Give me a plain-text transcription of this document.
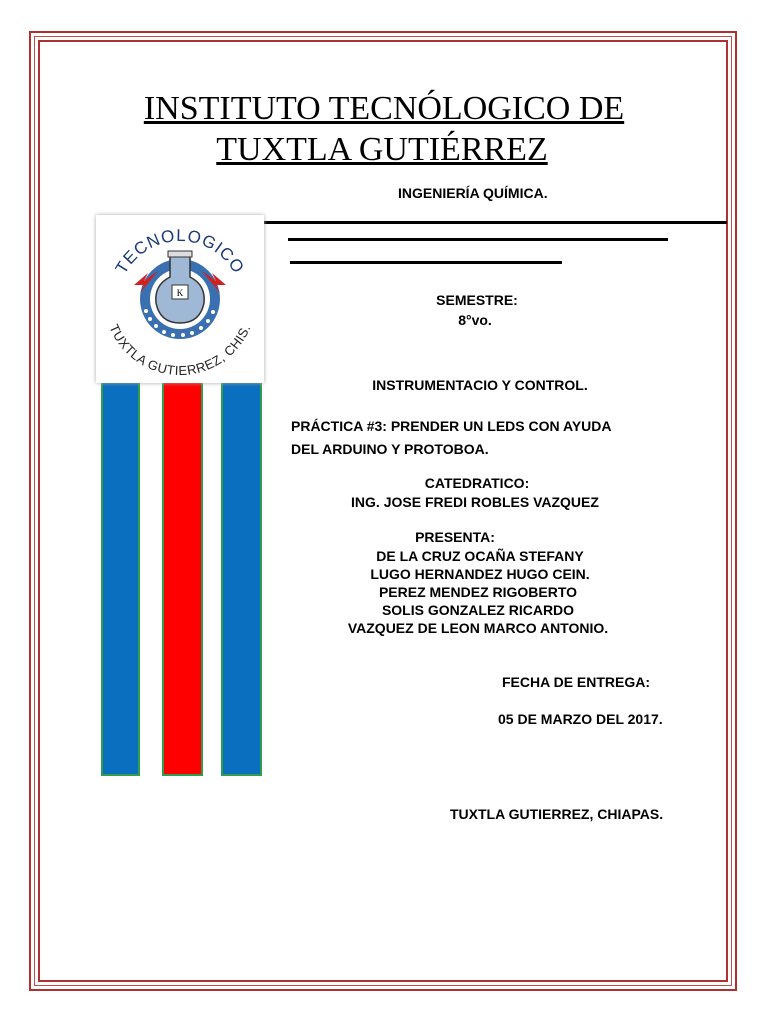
INSTITUTO TECNÓLOGICO DE
TUXTLA GUTIÉRREZ
INGENIERÍA QUÍMICA.
K
TECNOLOGICO
TUXTLA GUTIERREZ, CHIS.
SEMESTRE:
8°vo.
INSTRUMENTACIO Y CONTROL.
PRÁCTICA #3: PRENDER UN LEDS CON AYUDA
DEL ARDUINO Y PROTOBOA.
CATEDRATICO:
ING. JOSE FREDI ROBLES VAZQUEZ
PRESENTA:
DE LA CRUZ OCAÑA STEFANY
LUGO HERNANDEZ HUGO CEIN.
PEREZ MENDEZ RIGOBERTO
SOLIS GONZALEZ RICARDO
VAZQUEZ DE LEON MARCO ANTONIO.
FECHA DE ENTREGA:
05 DE MARZO DEL 2017.
TUXTLA GUTIERREZ, CHIAPAS.
